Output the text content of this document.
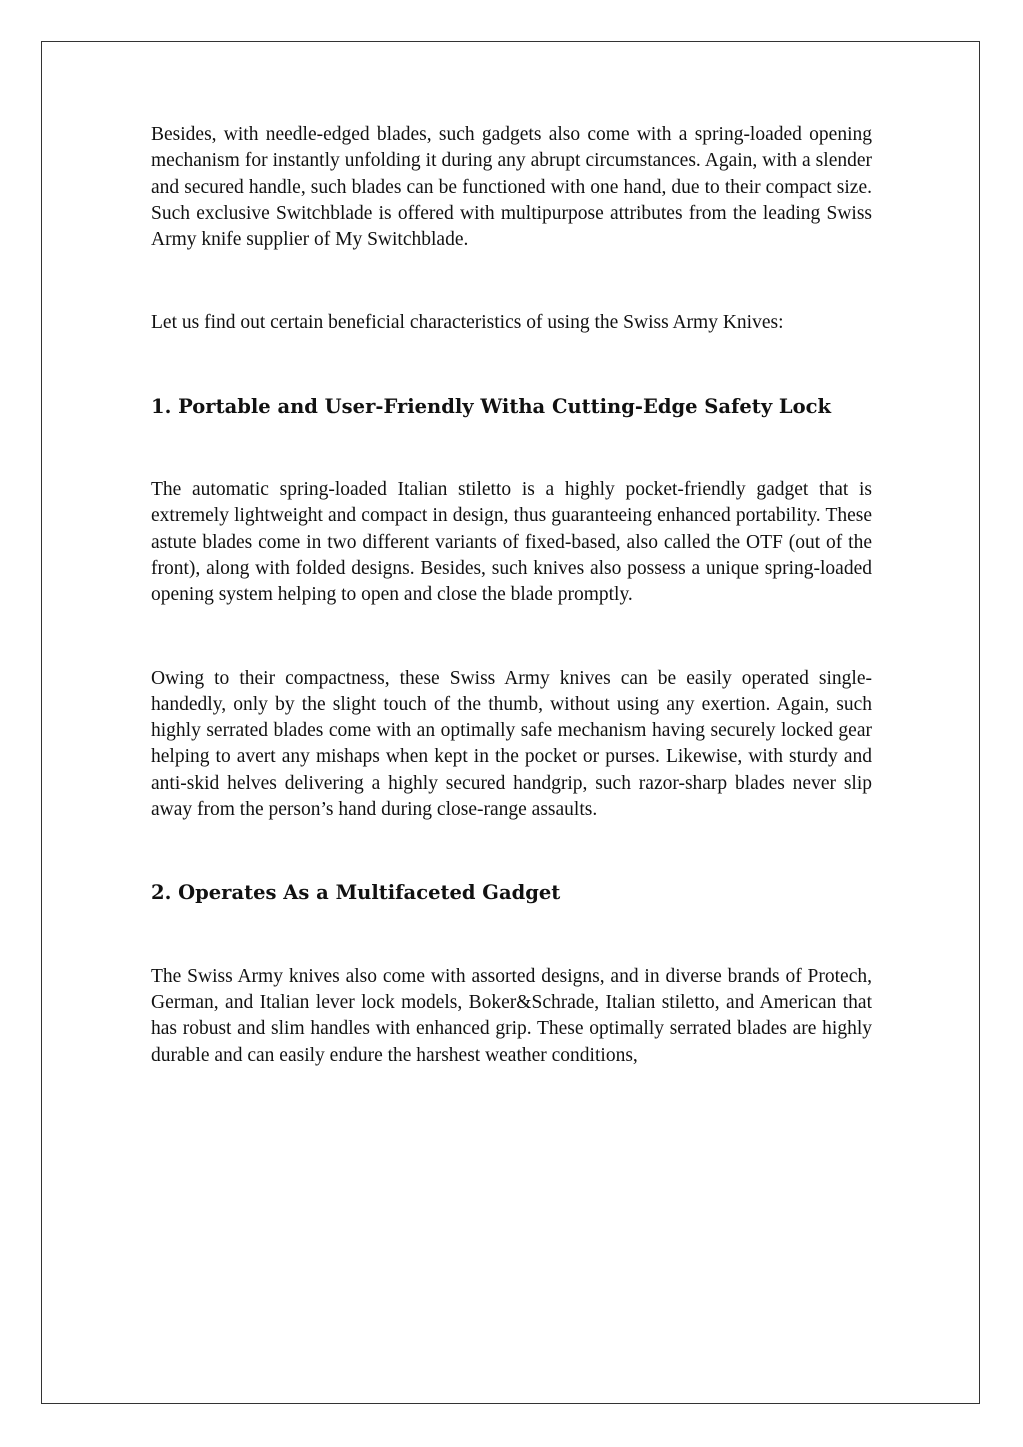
Besides, with needle-edged blades, such gadgets also come with a spring-loaded opening mechanism for instantly unfolding it during any abrupt circumstances. Again, with a slender and secured handle, such blades can be functioned with one hand, due to their compact size. Such exclusive Switchblade is offered with multipurpose attributes from the leading Swiss Army knife supplier of My Switchblade.

Let us find out certain beneficial characteristics of using the Swiss Army Knives:

1. Portable and User-Friendly Witha Cutting-Edge Safety Lock

The automatic spring-loaded Italian stiletto is a highly pocket-friendly gadget that is extremely lightweight and compact in design, thus guaranteeing enhanced portability. These astute blades come in two different variants of fixed-based, also called the OTF (out of the front), along with folded designs. Besides, such knives also possess a unique spring-loaded opening system helping to open and close the blade promptly.

Owing to their compactness, these Swiss Army knives can be easily operated single-handedly, only by the slight touch of the thumb, without using any exertion. Again, such highly serrated blades come with an optimally safe mechanism having securely locked gear helping to avert any mishaps when kept in the pocket or purses. Likewise, with sturdy and anti-skid helves delivering a highly secured handgrip, such razor-sharp blades never slip away from the person’s hand during close-range assaults.

2. Operates As a Multifaceted Gadget

The Swiss Army knives also come with assorted designs, and in diverse brands of Protech, German, and Italian lever lock models, Boker&Schrade, Italian stiletto, and American that has robust and slim handles with enhanced grip. These optimally serrated blades are highly durable and can easily endure the harshest weather conditions,
